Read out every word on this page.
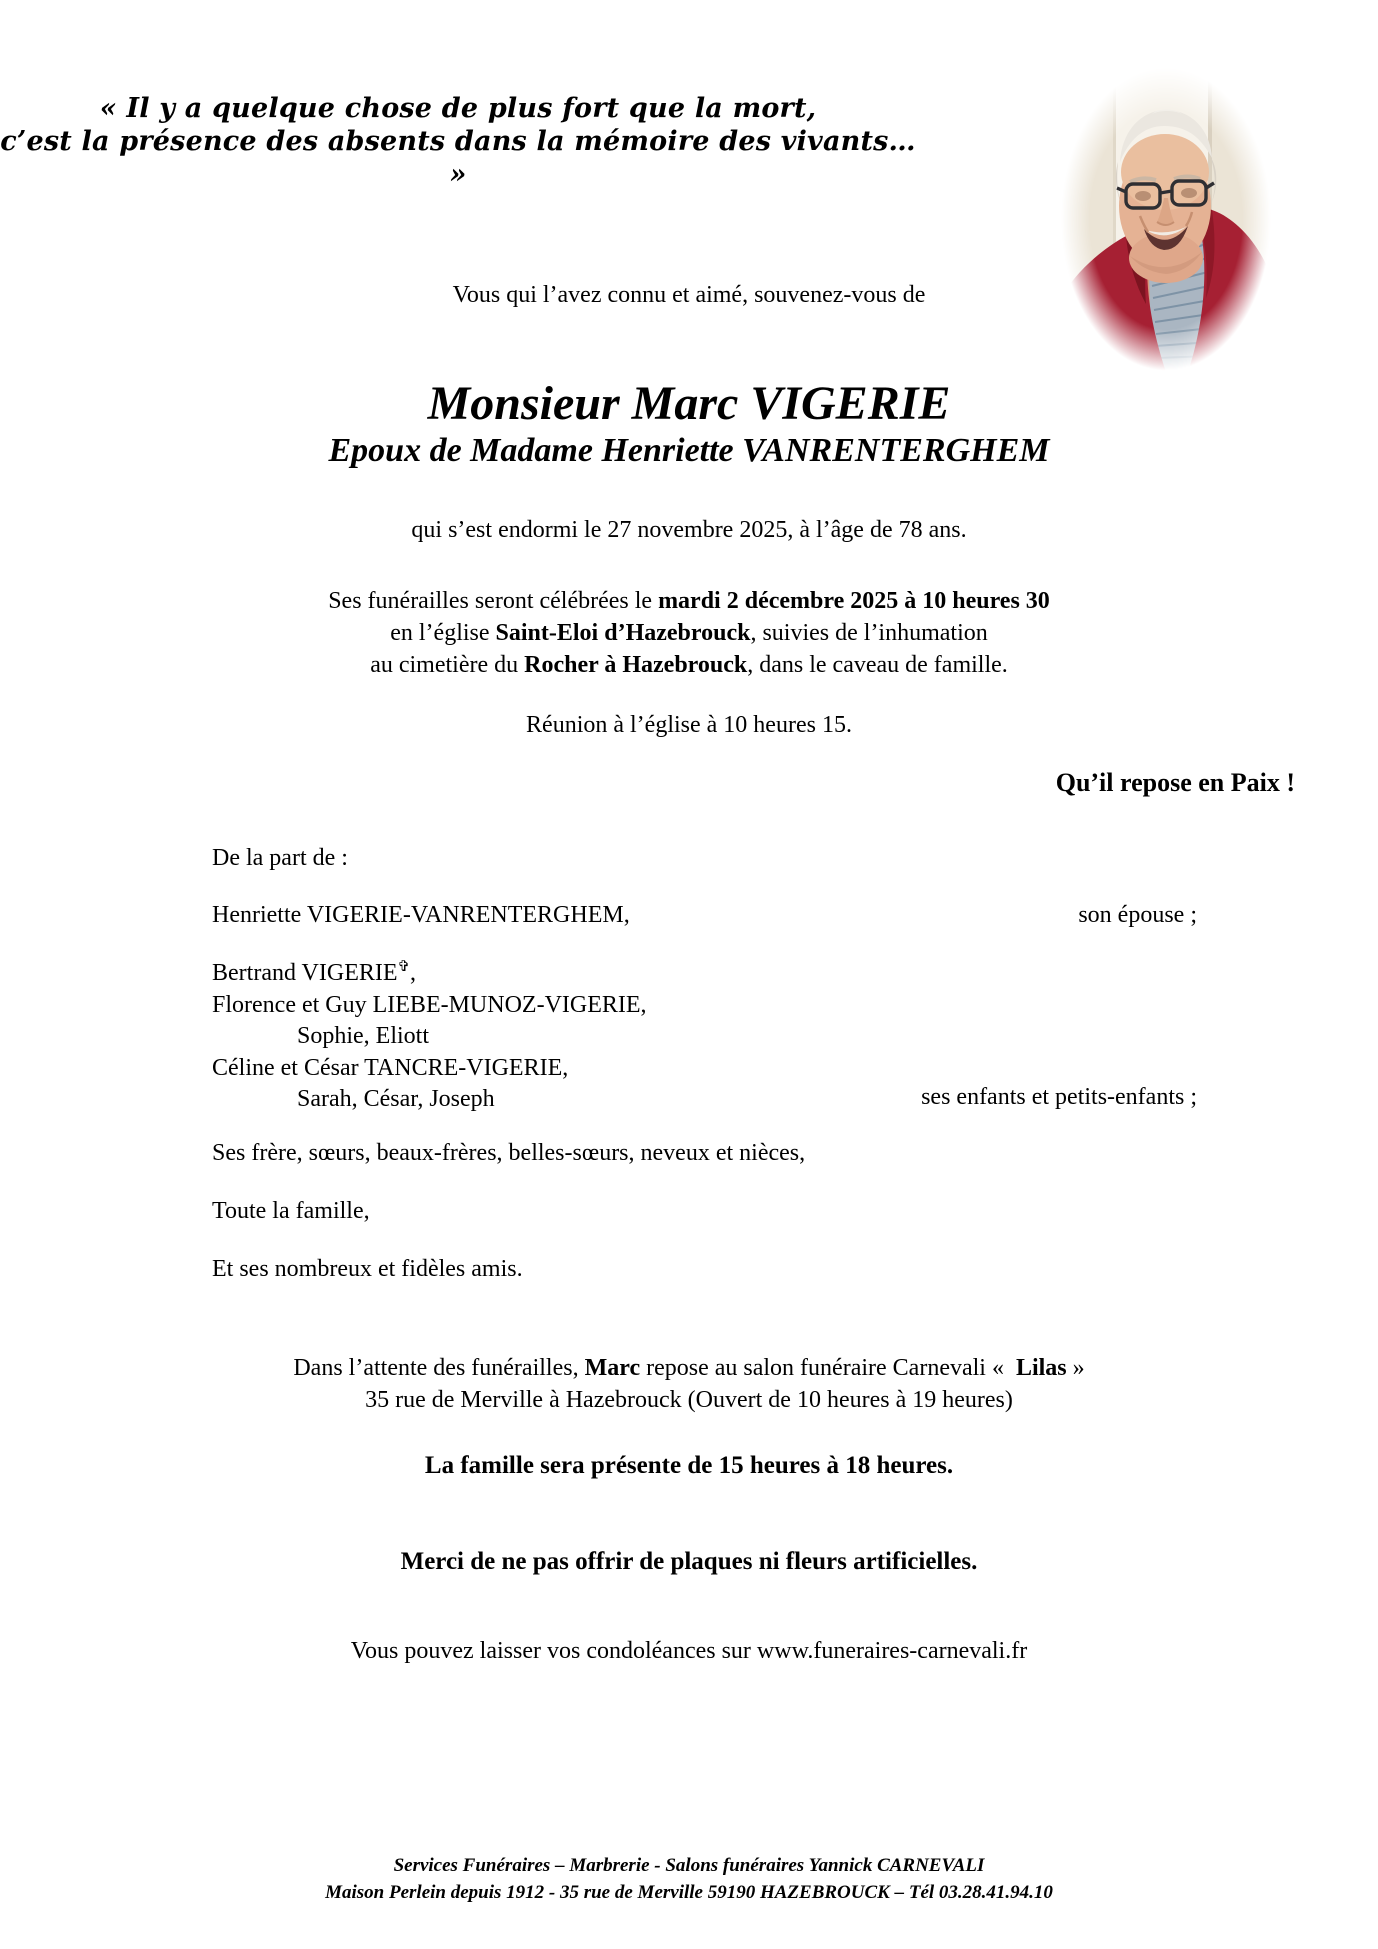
« Il y a quelque chose de plus fort que la mort,
c’est la présence des absents dans la mémoire des vivants… »
Vous qui l’avez connu et aimé, souvenez-vous de
Monsieur Marc VIGERIE
Epoux de Madame Henriette VANRENTERGHEM
qui s’est endormi le 27 novembre 2025, à l’âge de 78 ans.
Ses funérailles seront célébrées le mardi 2 décembre 2025 à 10 heures 30
en l’église Saint-Eloi d’Hazebrouck, suivies de l’inhumation
au cimetière du Rocher à Hazebrouck, dans le caveau de famille.
Réunion à l’église à 10 heures 15.
Qu’il repose en Paix !
De la part de :
Henriette VIGERIE-VANRENTERGHEM,	son épouse ;
Bertrand VIGERIE✞,
Florence et Guy LIEBE-MUNOZ-VIGERIE,
Sophie, Eliott
Céline et César TANCRE-VIGERIE,
Sarah, César, Joseph	ses enfants et petits-enfants ;
Ses frère, sœurs, beaux-frères, belles-sœurs, neveux et nièces,
Toute la famille,
Et ses nombreux et fidèles amis.
Dans l’attente des funérailles, Marc repose au salon funéraire Carnevali «  Lilas »
35 rue de Merville à Hazebrouck (Ouvert de 10 heures à 19 heures)
La famille sera présente de 15 heures à 18 heures.
Merci de ne pas offrir de plaques ni fleurs artificielles.
Vous pouvez laisser vos condoléances sur www.funeraires-carnevali.fr
Services Funéraires – Marbrerie - Salons funéraires Yannick CARNEVALI
Maison Perlein depuis 1912 - 35 rue de Merville 59190 HAZEBROUCK – Tél 03.28.41.94.10
